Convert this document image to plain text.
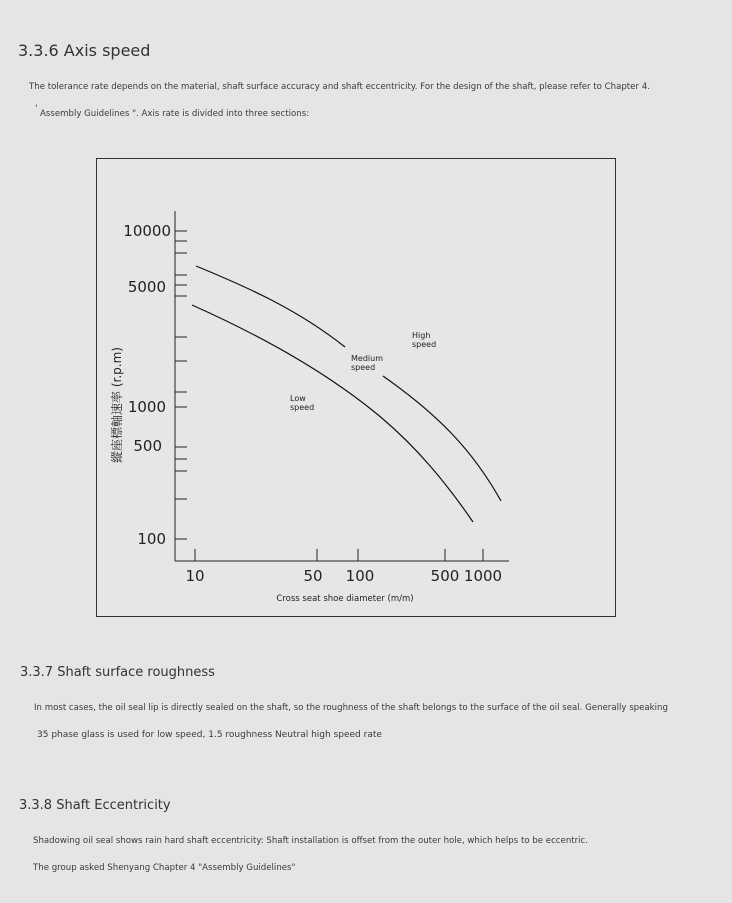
3.3.6 Axis speed
The tolerance rate depends on the material, shaft surface accuracy and shaft eccentricity. For the design of the shaft, please refer to Chapter 4.
‘ Assembly Guidelines ". Axis rate is divided into three sections:
10000
5000
1000
500
100
10	50 100	500 1000
Cross seat shoe diameter (m/m)
縱座標軸速率 (r.p.m)	Low
speed
Medium
speed
High
speed
3.3.7 Shaft surface roughness
In most cases, the oil seal lip is directly sealed on the shaft, so the roughness of the shaft belongs to the surface of the oil seal. Generally speaking
35 phase glass is used for low speed, 1.5 roughness Neutral high speed rate
3.3.8 Shaft Eccentricity
Shadowing oil seal shows rain hard shaft eccentricity: Shaft installation is offset from the outer hole, which helps to be eccentric.
The group asked Shenyang Chapter 4 "Assembly Guidelines"
